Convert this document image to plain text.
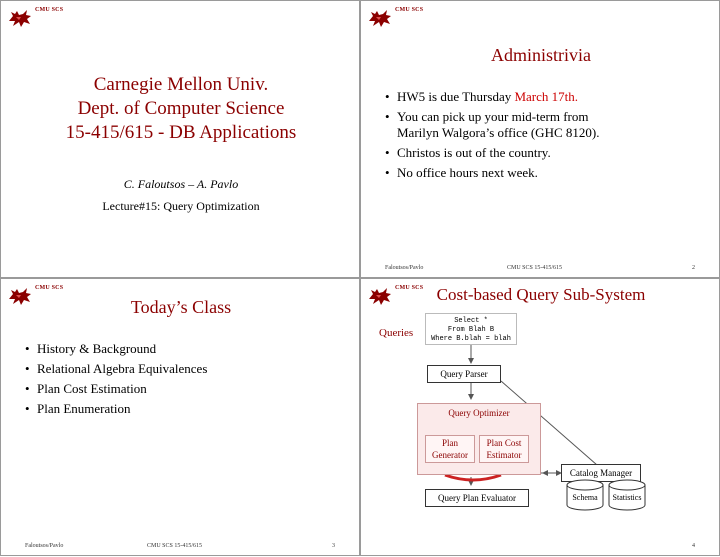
CMU SCS
Carnegie Mellon Univ.
Dept. of Computer Science
15-415/615 - DB Applications
C. Faloutsos – A. Pavlo
Lecture#15: Query Optimization
CMU SCS
Administrivia
• HW5 is due Thursday March 17th.
• You can pick up your mid-term from
Marilyn Walgora’s office (GHC 8120).
• Christos is out of the country.
• No office hours next week.
Faloutsos/Pavlo	CMU SCS 15-415/615	2
CMU SCS
Today’s Class
• History & Background
• Relational Algebra Equivalences
• Plan Cost Estimation
• Plan Enumeration
Faloutsos/Pavlo	CMU SCS 15-415/615	3
CMU SCS Cost-based Query Sub-System
Queries
Select *
From Blah B
Where B.blah = blah
Query Parser
Query Optimizer
Plan
Generator
Plan Cost
Estimator
Catalog Manager
Schema	Statistics
Query Plan Evaluator
4
